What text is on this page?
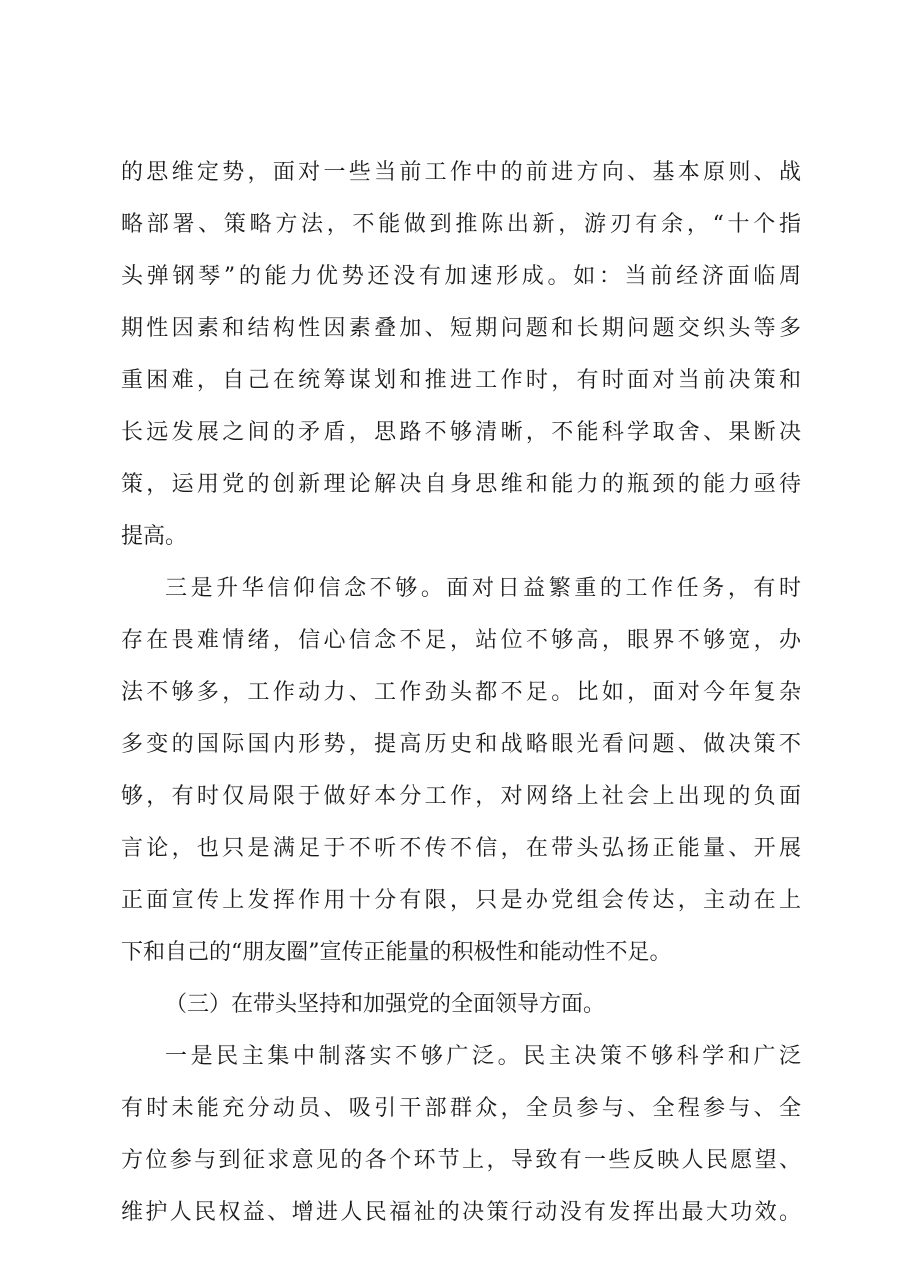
的思维定势，面对一些当前工作中的前进方向、基本原则、战
略部署、策略方法，不能做到推陈出新，游刃有余，“十个指
头弹钢琴”的能力优势还没有加速形成。如：当前经济面临周
期性因素和结构性因素叠加、短期问题和长期问题交织头等多
重困难，自己在统筹谋划和推进工作时，有时面对当前决策和
长远发展之间的矛盾，思路不够清晰，不能科学取舍、果断决
策，运用党的创新理论解决自身思维和能力的瓶颈的能力亟待
提高。
三是升华信仰信念不够。面对日益繁重的工作任务，有时
存在畏难情绪，信心信念不足，站位不够高，眼界不够宽，办
法不够多，工作动力、工作劲头都不足。比如，面对今年复杂
多变的国际国内形势，提高历史和战略眼光看问题、做决策不
够，有时仅局限于做好本分工作，对网络上社会上出现的负面
言论，也只是满足于不听不传不信，在带头弘扬正能量、开展
正面宣传上发挥作用十分有限，只是办党组会传达，主动在上
下和自己的“朋友圈”宣传正能量的积极性和能动性不足。
（三）在带头坚持和加强党的全面领导方面。
一是民主集中制落实不够广泛。民主决策不够科学和广泛
有时未能充分动员、吸引干部群众，全员参与、全程参与、全
方位参与到征求意见的各个环节上，导致有一些反映人民愿望、
维护人民权益、增进人民福祉的决策行动没有发挥出最大功效。
